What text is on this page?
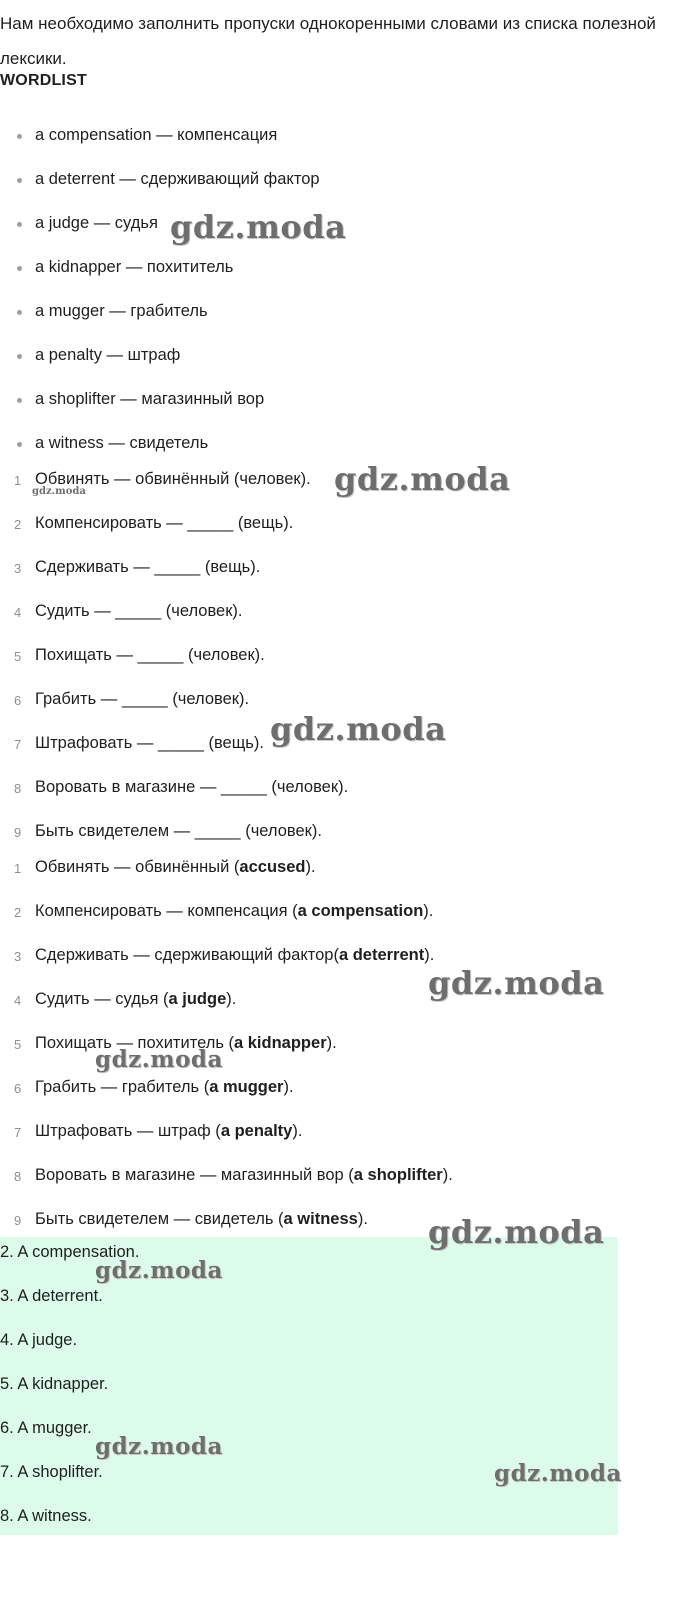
Нам необходимо заполнить пропуски однокоренными словами из списка полезной лексики.

WORDLIST
a compensation — компенсация
a deterrent — сдерживающий фактор
a judge — судья
a kidnapper — похититель
a mugger — грабитель
a penalty — штраф
a shoplifter — магазинный вор
a witness — свидетель
1 Обвинять — обвинённый (человек).
2 Компенсировать — _____ (вещь).
3 Сдерживать — _____ (вещь).
4 Судить — _____ (человек).
5 Похищать — _____ (человек).
6 Грабить — _____ (человек).
7 Штрафовать — _____ (вещь).
8 Воровать в магазине — _____ (человек).
9 Быть свидетелем — _____ (человек).
1 Обвинять — обвинённый (accused).
2 Компенсировать — компенсация (a compensation).
3 Сдерживать — сдерживающий фактор(a deterrent).
4 Судить — судья (a judge).
5 Похищать — похититель (a kidnapper).
6 Грабить — грабитель (a mugger).
7 Штрафовать — штраф (a penalty).
8 Воровать в магазине — магазинный вор (a shoplifter).
9 Быть свидетелем — свидетель (a witness).
2. A compensation.
3. A deterrent.
4. A judge.
5. A kidnapper.
6. A mugger.
7. A shoplifter.
8. A witness.
gdz.moda
gdz.moda	gdz.moda
gdz.moda
gdz.moda
gdz.moda
gdz.moda
gdz.moda
gdz.moda
gdz.moda
